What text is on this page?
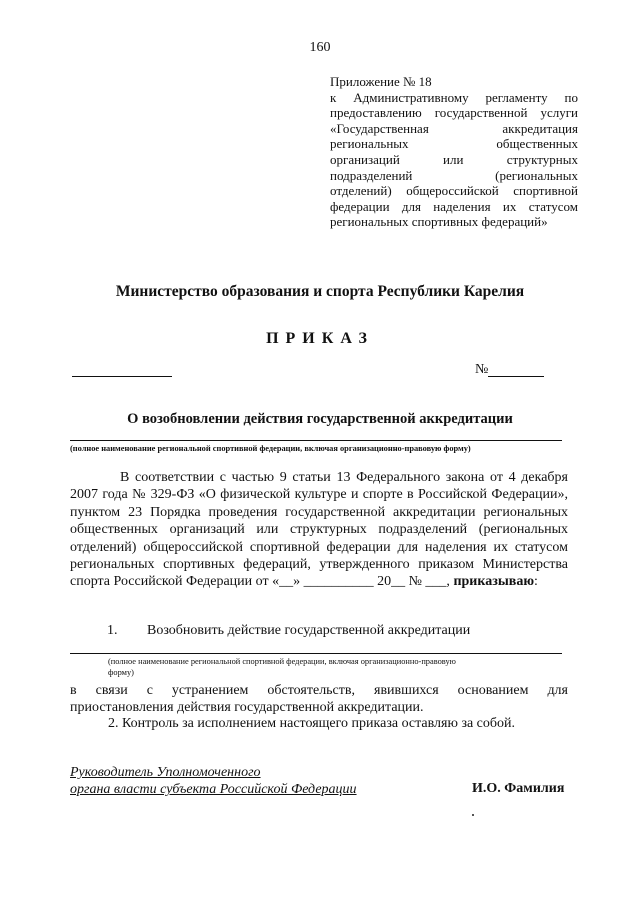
160
Приложение № 18
к Административному регламенту по
предоставлению государственной услуги
«Государственная аккредитация
региональных общественных
организаций или структурных
подразделений (региональных
отделений) общероссийской спортивной
федерации для наделения их статусом
региональных спортивных федераций»
Министерство образования и спорта Республики Карелия
ПРИКАЗ
№
О возобновлении действия государственной аккредитации
(полное наименование региональной спортивной федерации, включая организационно-правовую форму)
В соответствии с частью 9 статьи 13 Федерального закона от 4 декабря 2007 года № 329-ФЗ «О физической культуре и спорте в Российской Федерации», пунктом 23 Порядка проведения государственной аккредитации региональных общественных организаций или структурных подразделений (региональных отделений) общероссийской спортивной федерации для наделения их статусом региональных спортивных федераций, утвержденного приказом Министерства спорта Российской Федерации от «__» __________ 20__ № ___, приказываю:
1. Возобновить действие государственной аккредитации
(полное наименование региональной спортивной федерации, включая организационно-правовую
форму)
в связи с устранением обстоятельств, явившихся основанием для
приостановления действия государственной аккредитации.
2. Контроль за исполнением настоящего приказа оставляю за собой.
Руководитель Уполномоченного
органа власти субъекта Российской Федерации	И.О. Фамилия
